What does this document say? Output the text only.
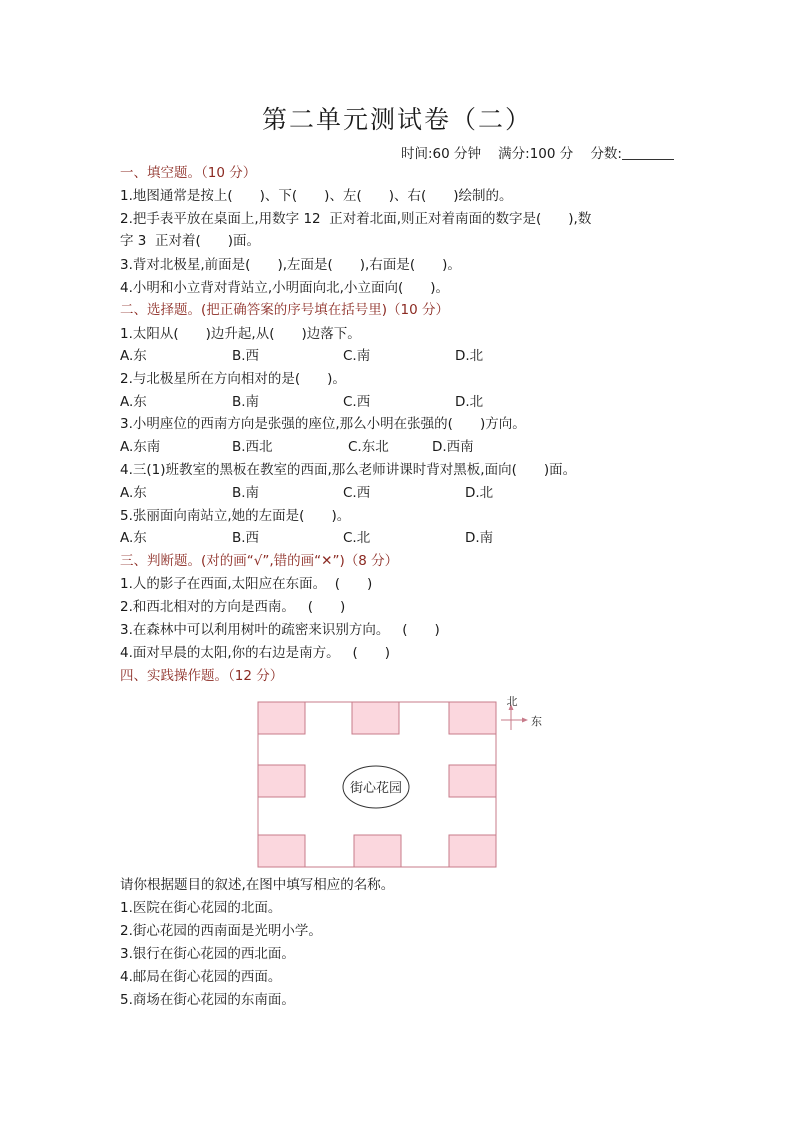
第二单元测试卷（二）
时间:60 分钟 满分:100 分 分数:
一、填空题。（10 分）
1.地图通常是按上(　　)、下(　　)、左(　　)、右(　　)绘制的。
2.把手表平放在桌面上,用数字 12  正对着北面,则正对着南面的数字是(　　),数
字 3  正对着(　　)面。
3.背对北极星,前面是(　　),左面是(　　),右面是(　　)。
4.小明和小立背对背站立,小明面向北,小立面向(　　)。
二、选择题。(把正确答案的序号填在括号里)（10 分）
1.太阳从(　　)边升起,从(　　)边落下。
A.东	B.西	C.南	D.北
2.与北极星所在方向相对的是(　　)。
A.东	B.南	C.西	D.北
3.小明座位的西南方向是张强的座位,那么小明在张强的(　　)方向。
A.东南	B.西北	C.东北	D.西南
4.三(1)班教室的黑板在教室的西面,那么老师讲课时背对黑板,面向(　　)面。
A.东	B.南	C.西	D.北
5.张丽面向南站立,她的左面是(　　)。
A.东	B.西	C.北	D.南
三、判断题。(对的画“√”,错的画“✕”)（8 分）
1.人的影子在西面,太阳应在东面。  (　　)
2.和西北相对的方向是西南。   (　　)
3.在森林中可以利用树叶的疏密来识别方向。   (　　)
4.面对早晨的太阳,你的右边是南方。   (　　)
四、实践操作题。（12 分）
街心花园
北
东
请你根据题目的叙述,在图中填写相应的名称。
1.医院在街心花园的北面。
2.街心花园的西南面是光明小学。
3.银行在街心花园的西北面。
4.邮局在街心花园的西面。
5.商场在街心花园的东南面。
